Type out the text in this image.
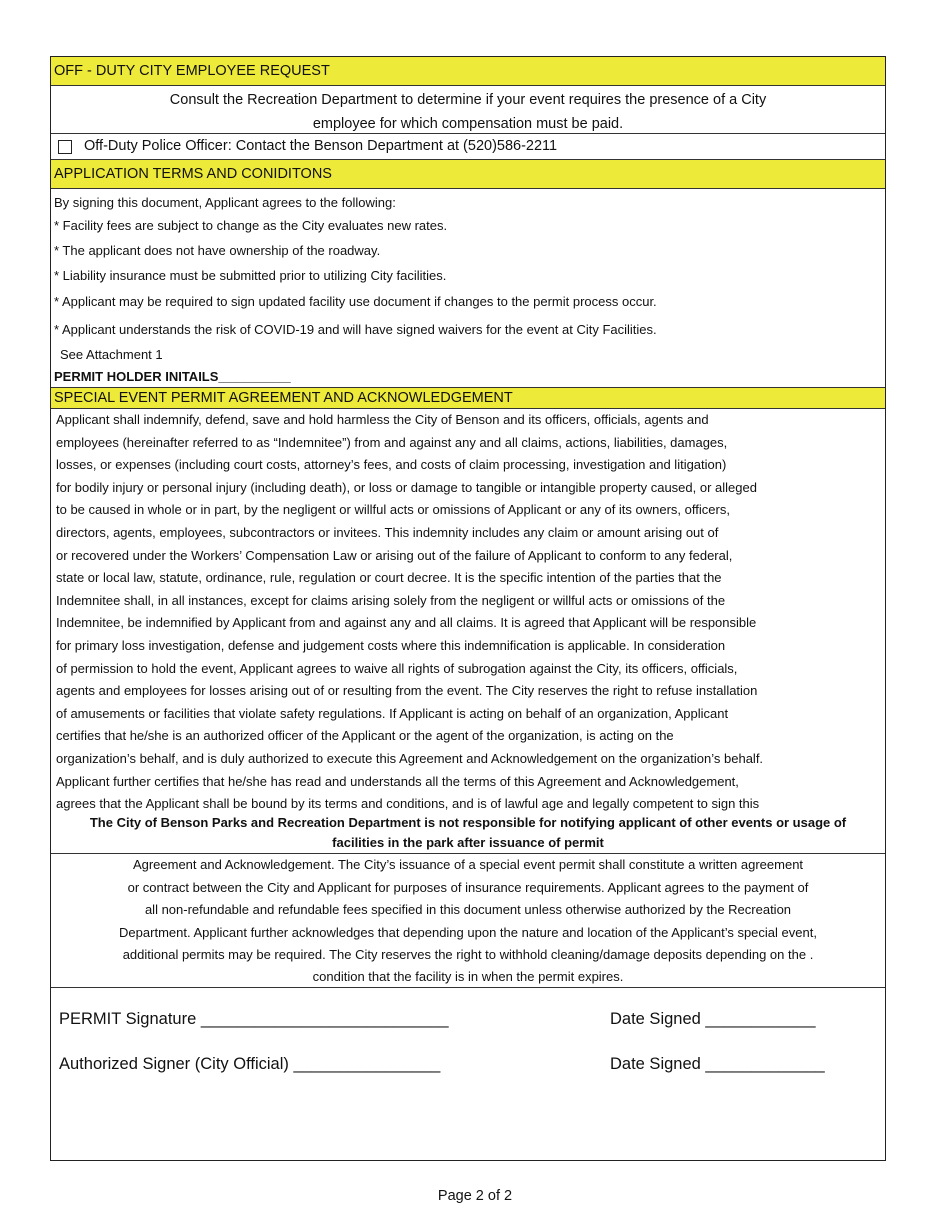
OFF - DUTY CITY EMPLOYEE REQUEST
Consult the Recreation Department to determine if your event requires the presence of a City
employee for which compensation must be paid.
Off-Duty Police Officer: Contact the Benson Department at (520)586-2211
APPLICATION TERMS AND CONIDITONS
By signing this document, Applicant agrees to the following:
* Facility fees are subject to change as the City evaluates new rates.
* The applicant does not have ownership of the roadway.
* Liability insurance must be submitted prior to utilizing City facilities.
* Applicant may be required to sign updated facility use document if changes to the permit process occur.
* Applicant understands the risk of COVID-19 and will have signed waivers for the event at City Facilities.
See Attachment 1
PERMIT HOLDER INITAILS__________
SPECIAL EVENT PERMIT AGREEMENT AND ACKNOWLEDGEMENT
Applicant shall indemnify, defend, save and hold harmless the City of Benson and its officers, officials, agents and
employees (hereinafter referred to as “Indemnitee”) from and against any and all claims, actions, liabilities, damages,
losses, or expenses (including court costs, attorney’s fees, and costs of claim processing, investigation and litigation)
for bodily injury or personal injury (including death), or loss or damage to tangible or intangible property caused, or alleged
to be caused in whole or in part, by the negligent or willful acts or omissions of Applicant or any of its owners, officers,
directors, agents, employees, subcontractors or invitees. This indemnity includes any claim or amount arising out of
or recovered under the Workers’ Compensation Law or arising out of the failure of Applicant to conform to any federal,
state or local law, statute, ordinance, rule, regulation or court decree. It is the specific intention of the parties that the
Indemnitee shall, in all instances, except for claims arising solely from the negligent or willful acts or omissions of the
Indemnitee, be indemnified by Applicant from and against any and all claims. It is agreed that Applicant will be responsible
for primary loss investigation, defense and judgement costs where this indemnification is applicable. In consideration
of permission to hold the event, Applicant agrees to waive all rights of subrogation against the City, its officers, officials,
agents and employees for losses arising out of or resulting from the event. The City reserves the right to refuse installation
of amusements or facilities that violate safety regulations. If Applicant is acting on behalf of an organization, Applicant
certifies that he/she is an authorized officer of the Applicant or the agent of the organization, is acting on the
organization’s behalf, and is duly authorized to execute this Agreement and Acknowledgement on the organization’s behalf.
Applicant further certifies that he/she has read and understands all the terms of this Agreement and Acknowledgement,
agrees that the Applicant shall be bound by its terms and conditions, and is of lawful age and legally competent to sign this
The City of Benson Parks and Recreation Department is not responsible for notifying applicant of other events or usage of
facilities in the park after issuance of permit
Agreement and Acknowledgement. The City’s issuance of a special event permit shall constitute a written agreement
or contract between the City and Applicant for purposes of insurance requirements. Applicant agrees to the payment of
all non-refundable and refundable fees specified in this document unless otherwise authorized by the Recreation
Department. Applicant further acknowledges that depending upon the nature and location of the Applicant’s special event,
additional permits may be required. The City reserves the right to withhold cleaning/damage deposits depending on the .
condition that the facility is in when the permit expires.
PERMIT Signature ___________________________	Date Signed ____________
Authorized Signer (City Official) ________________	Date Signed _____________
Page 2 of 2
